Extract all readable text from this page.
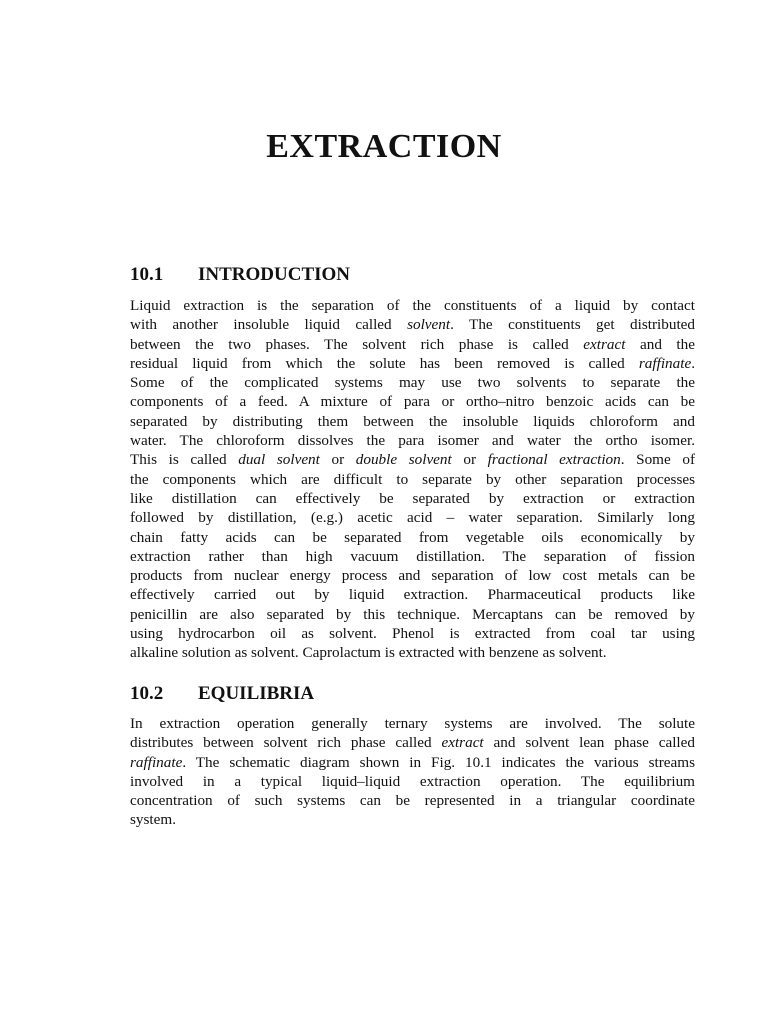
EXTRACTION
10.1 INTRODUCTION
Liquid extraction is the separation of the constituents of a liquid by contact
with another insoluble liquid called solvent. The constituents get distributed
between the two phases. The solvent rich phase is called extract and the
residual liquid from which the solute has been removed is called raffinate.
Some of the complicated systems may use two solvents to separate the
components of a feed. A mixture of para or ortho–nitro benzoic acids can be
separated by distributing them between the insoluble liquids chloroform and
water. The chloroform dissolves the para isomer and water the ortho isomer.
This is called dual solvent or double solvent or fractional extraction. Some of
the components which are difficult to separate by other separation processes
like distillation can effectively be separated by extraction or extraction
followed by distillation, (e.g.) acetic acid – water separation. Similarly long
chain fatty acids can be separated from vegetable oils economically by
extraction rather than high vacuum distillation. The separation of fission
products from nuclear energy process and separation of low cost metals can be
effectively carried out by liquid extraction. Pharmaceutical products like
penicillin are also separated by this technique. Mercaptans can be removed by
using hydrocarbon oil as solvent. Phenol is extracted from coal tar using
alkaline solution as solvent. Caprolactum is extracted with benzene as solvent.
10.2 EQUILIBRIA
In extraction operation generally ternary systems are involved. The solute
distributes between solvent rich phase called extract and solvent lean phase called
raffinate. The schematic diagram shown in Fig. 10.1 indicates the various streams
involved in a typical liquid–liquid extraction operation. The equilibrium
concentration of such systems can be represented in a triangular coordinate
system.
